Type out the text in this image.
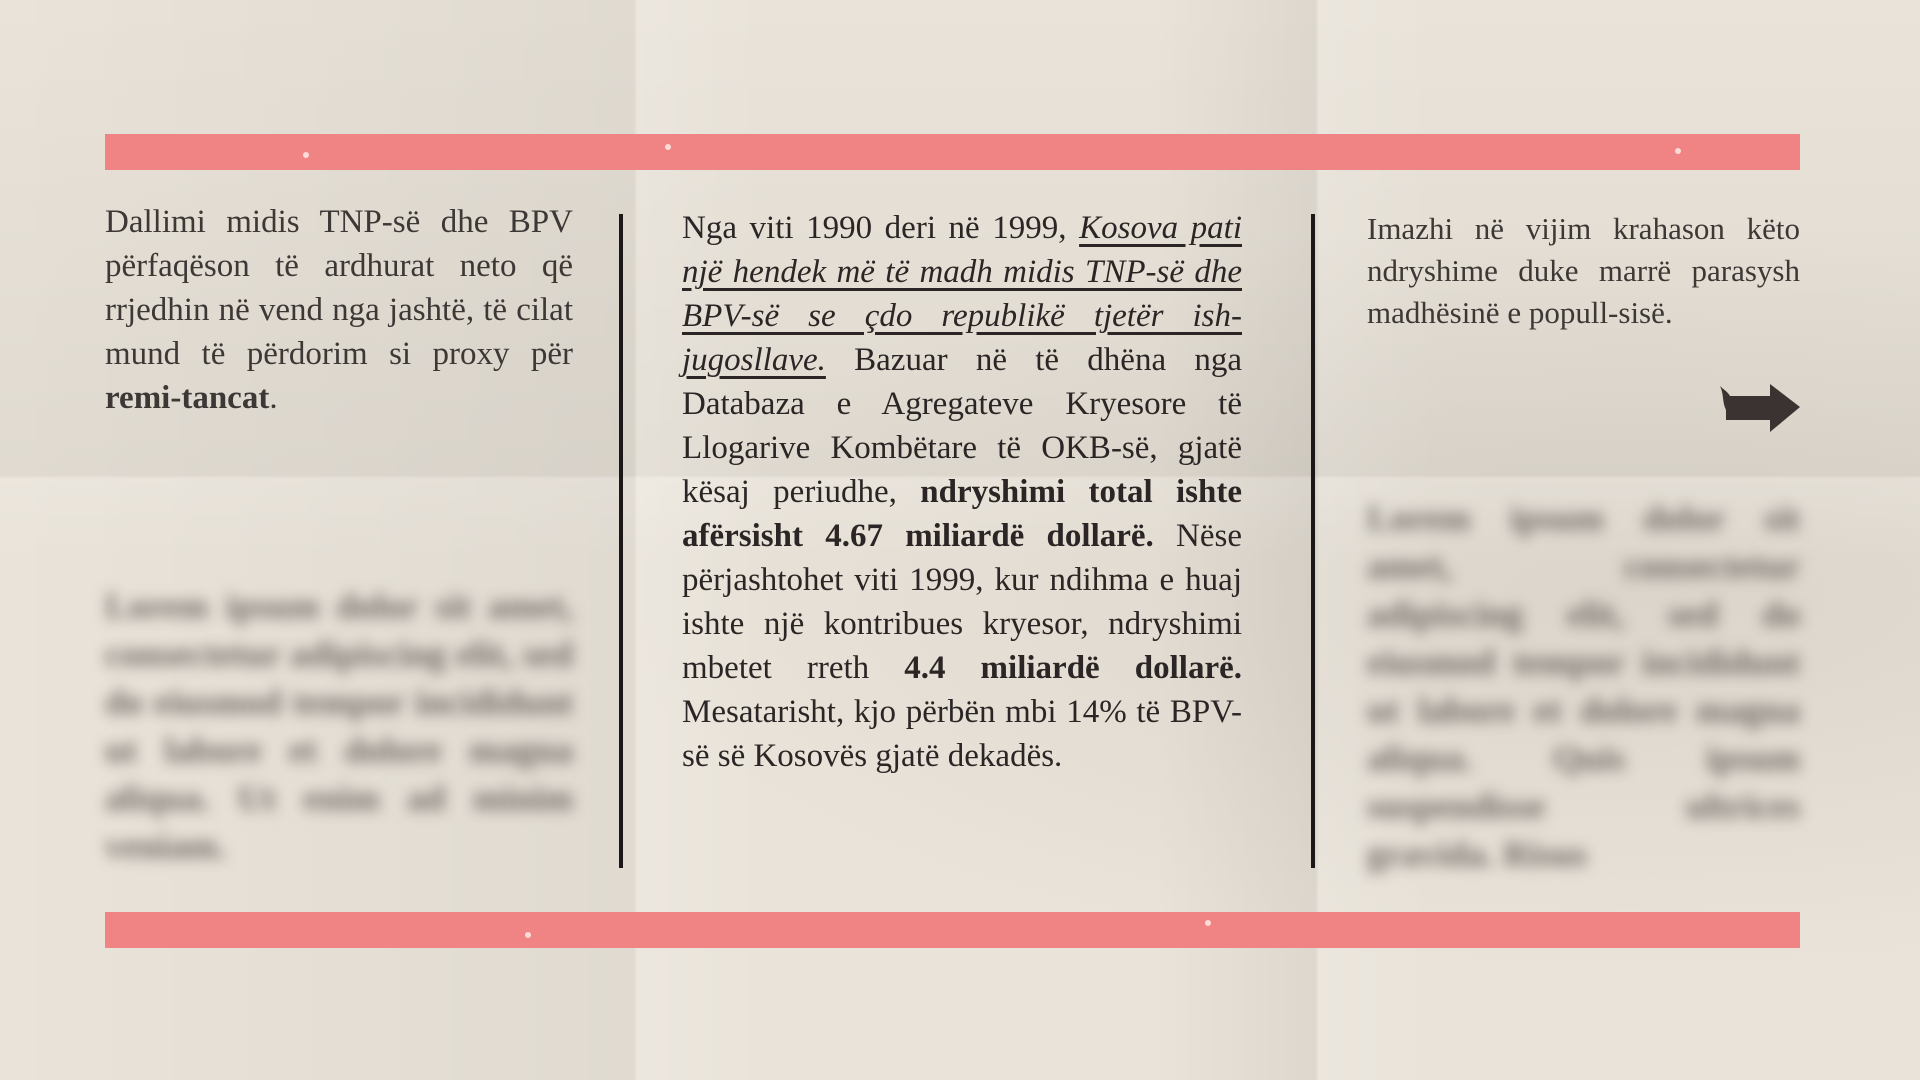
Dallimi midis TNP-së dhe BPV përfaqëson të ardhurat neto që rrjedhin në vend nga jashtë, të cilat mund të përdorim si proxy për remi-tancat.
Nga viti 1990 deri në 1999, Kosova pati një hendek më të madh midis TNP-së dhe BPV-së se çdo republikë tjetër ish-jugosllave. Bazuar në të dhëna nga Databaza e Agregateve Kryesore të Llogarive Kombëtare të OKB-së, gjatë kësaj periudhe, ndryshimi total ishte afërsisht 4.67 miliardë dollarë. Nëse përjashtohet viti 1999, kur ndihma e huaj ishte një kontribues kryesor, ndryshimi mbetet rreth 4.4 miliardë dollarë. Mesatarisht, kjo përbën mbi 14% të BPV-së së Kosovës gjatë dekadës.
Imazhi në vijim krahason këto ndryshime duke marrë parasysh madhësinë e popull-sisë.
Lorem ipsum dolor sit amet, consectetur adipiscing elit, sed do eiusmod tempor incididunt ut labore et dolore magna aliqua. Ut enim ad minim veniam.
Lorem ipsum dolor sit amet, consectetur adipiscing elit, sed do eiusmod tempor incididunt ut labore et dolore magna aliqua. Quis ipsum suspendisse ultrices gravida. Risus
